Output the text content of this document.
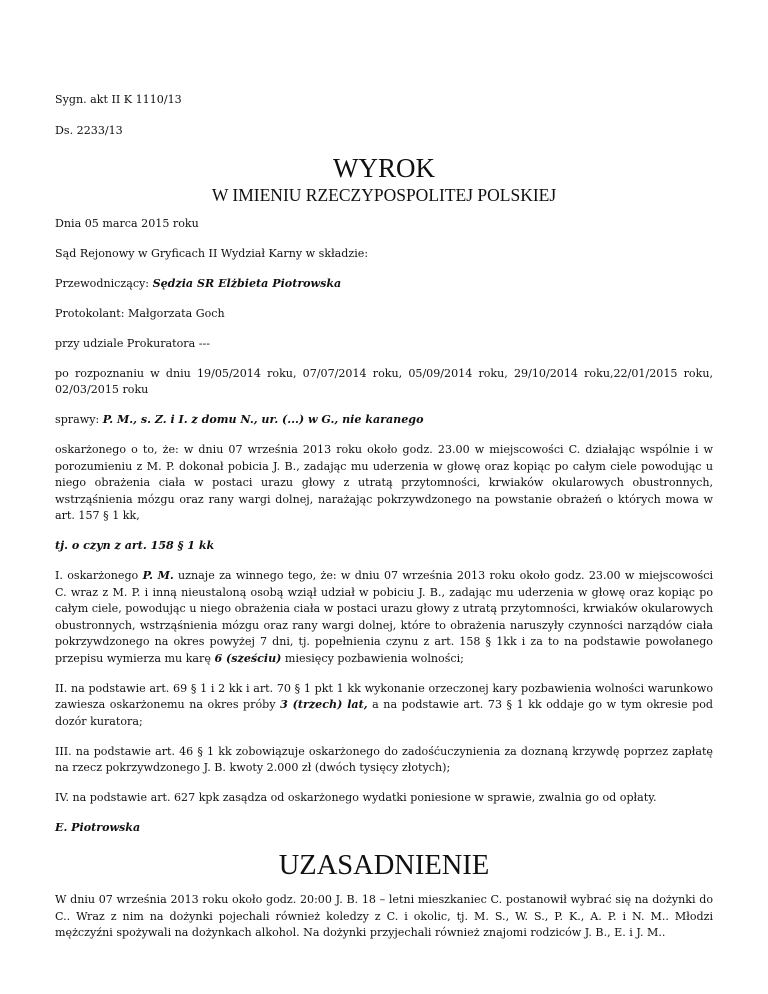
Sygn. akt II K 1110/13

Ds. 2233/13

WYROK
W IMIENIU RZECZYPOSPOLITEJ POLSKIEJ

Dnia 05 marca 2015 roku

Sąd Rejonowy w Gryficach II Wydział Karny w składzie:

Przewodniczący: Sędzia SR Elżbieta Piotrowska

Protokolant: Małgorzata Goch

przy udziale Prokuratora ---

po rozpoznaniu w dniu 19/05/2014 roku, 07/07/2014 roku, 05/09/2014 roku, 29/10/2014 roku,22/01/2015 roku, 02/03/2015 roku

sprawy: P. M., s. Z. i I. z domu N., ur. (...) w G., nie karanego

oskarżonego o to, że: w dniu 07 września 2013 roku około godz. 23.00 w miejscowości C. działając wspólnie i w porozumieniu z M. P. dokonał pobicia J. B., zadając mu uderzenia w głowę oraz kopiąc po całym ciele powodując u niego obrażenia ciała w postaci urazu głowy z utratą przytomności, krwiaków okularowych obustronnych, wstrząśnienia mózgu oraz rany wargi dolnej, narażając pokrzywdzonego na powstanie obrażeń o których mowa w art. 157 § 1 kk,

tj. o czyn z art. 158 § 1 kk

I. oskarżonego P. M. uznaje za winnego tego, że: w dniu 07 września 2013 roku około godz. 23.00 w miejscowości C. wraz z M. P. i inną nieustaloną osobą wziął udział w pobiciu J. B., zadając mu uderzenia w głowę oraz kopiąc po całym ciele, powodując u niego obrażenia ciała w postaci urazu głowy z utratą przytomności, krwiaków okularowych obustronnych, wstrząśnienia mózgu oraz rany wargi dolnej, które to obrażenia naruszyły czynności narządów ciała pokrzywdzonego na okres powyżej 7 dni, tj. popełnienia czynu z art. 158 § 1kk i za to na podstawie powołanego przepisu wymierza mu karę 6 (sześciu) miesięcy pozbawienia wolności;

II. na podstawie art. 69 § 1 i 2 kk i art. 70 § 1 pkt 1 kk wykonanie orzeczonej kary pozbawienia wolności warunkowo zawiesza oskarżonemu na okres próby 3 (trzech) lat, a na podstawie art. 73 § 1 kk oddaje go w tym okresie pod dozór kuratora;

III. na podstawie art. 46 § 1 kk zobowiązuje oskarżonego do zadośćuczynienia za doznaną krzywdę poprzez zapłatę na rzecz pokrzywdzonego J. B. kwoty 2.000 zł (dwóch tysięcy złotych);

IV. na podstawie art. 627 kpk zasądza od oskarżonego wydatki poniesione w sprawie, zwalnia go od opłaty.

E. Piotrowska

UZASADNIENIE

W dniu 07 września 2013 roku około godz. 20:00 J. B. 18 – letni mieszkaniec C. postanowił wybrać się na dożynki do C.. Wraz z nim na dożynki pojechali również koledzy z C. i okolic, tj. M. S., W. S., P. K., A. P. i N. M.. Młodzi mężczyźni spożywali na dożynkach alkohol. Na dożynki przyjechali również znajomi rodziców J. B., E. i J. M..
